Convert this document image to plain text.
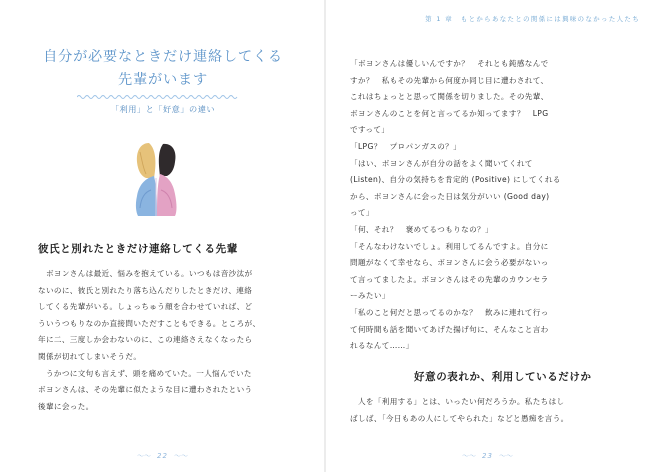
自分が必要なときだけ連絡してくる
先輩がいます
「利用」と「好意」の違い
彼氏と別れたときだけ連絡してくる先輩

　ボヨンさんは最近、悩みを抱えている。いつもは音沙汰が

ないのに、彼氏と別れたり落ち込んだりしたときだけ、連絡

してくる先輩がいる。しょっちゅう顔を合わせていれば、ど

ういうつもりなのか直接問いただすこともできる。ところが、

年に二、三度しか会わないのに、この連絡さえなくなったら

関係が切れてしまいそうだ。

　うかつに文句も言えず、頭を痛めていた。一人悩んでいた

ボヨンさんは、その先輩に似たような目に遭わされたという

後輩に会った。

〜〜 22 〜〜
第 1 章　もとからあなたとの関係には興味のなかった人たち

「ボヨンさんは優しいんですか？　それとも鈍感なんで

すか？　私もその先輩から何度か同じ目に遭わされて、

これはちょっとと思って関係を切りました。その先輩、

ボヨンさんのことを何と言ってるか知ってます？　LPG

ですって」

「LPG？　プロパンガスの？」

「はい、ボヨンさんが自分の話をよく聞いてくれて

(Listen)、自分の気持ちを肯定的 (Positive) にしてくれる

から、ボヨンさんに会った日は気分がいい (Good day)

って」

「何、それ？　褒めてるつもりなの？」

「そんなわけないでしょ。利用してるんですよ。自分に

問題がなくて幸せなら、ボヨンさんに会う必要がないっ

て言ってましたよ。ボヨンさんはその先輩のカウンセラ

ーみたい」

「私のこと何だと思ってるのかな？　飲みに連れて行っ

て何時間も話を聞いてあげた揚げ句に、そんなこと言わ

れるなんて……」

好意の表れか、利用しているだけか

　人を「利用する」とは、いったい何だろうか。私たちはし

ばしば、「今日もあの人にしてやられた」などと愚痴を言う。

〜〜 23 〜〜
